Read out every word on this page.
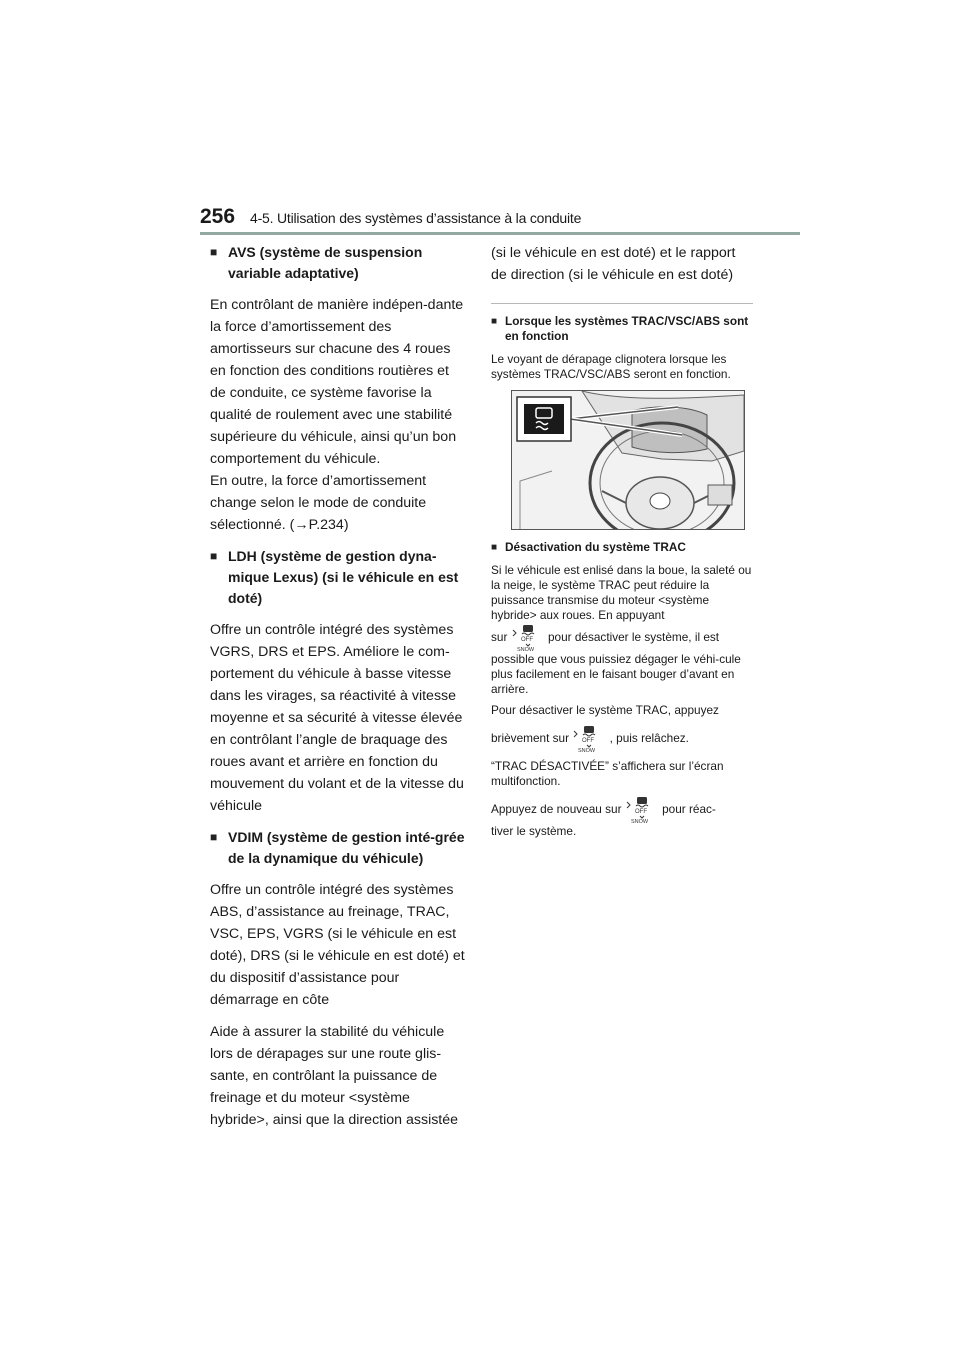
256 4-5. Utilisation des systèmes d’assistance à la conduite
■ AVS (système de suspension variable adaptative)
En contrôlant de manière indépen-dante la force d’amortissement des amortisseurs sur chacune des 4 roues en fonction des conditions routières et de conduite, ce système favorise la qualité de roulement avec une stabilité supérieure du véhicule, ainsi qu’un bon comportement du véhicule.
En outre, la force d’amortissement change selon le mode de conduite sélectionné. (→P.234)
■ LDH (système de gestion dyna-mique Lexus) (si le véhicule en est doté)
Offre un contrôle intégré des systèmes VGRS, DRS et EPS. Améliore le com-portement du véhicule à basse vitesse dans les virages, sa réactivité à vitesse moyenne et sa sécurité à vitesse élevée en contrôlant l’angle de braquage des roues avant et arrière en fonction du mouvement du volant et de la vitesse du véhicule
■ VDIM (système de gestion inté-grée de la dynamique du véhicule)
Offre un contrôle intégré des systèmes ABS, d’assistance au freinage, TRAC, VSC, EPS, VGRS (si le véhicule en est doté), DRS (si le véhicule en est doté) et du dispositif d’assistance pour démarrage en côte
Aide à assurer la stabilité du véhicule lors de dérapages sur une route glis-sante, en contrôlant la puissance de freinage et du moteur <système hybride>, ainsi que la direction assistée
(si le véhicule en est doté) et le rapport de direction (si le véhicule en est doté)
■ Lorsque les systèmes TRAC/VSC/ABS sont en fonction
Le voyant de dérapage clignotera lorsque les systèmes TRAC/VSC/ABS seront en fonction.
■ Désactivation du système TRAC
Si le véhicule est enlisé dans la boue, la saleté ou la neige, le système TRAC peut réduire la puissance transmise du moteur <système hybride> aux roues. En appuyant
sur OFF
SNOW
pour désactiver le système, il est
possible que vous puissiez dégager le véhi-cule plus facilement en le faisant bouger d’avant en arrière.
Pour désactiver le système TRAC, appuyez
brièvement sur OFF
SNOW
, puis relâchez.
“TRAC DÉSACTIVÉE” s’affichera sur l’écran multifonction.
Appuyez de nouveau sur OFF
SNOW
pour réac-
tiver le système.
